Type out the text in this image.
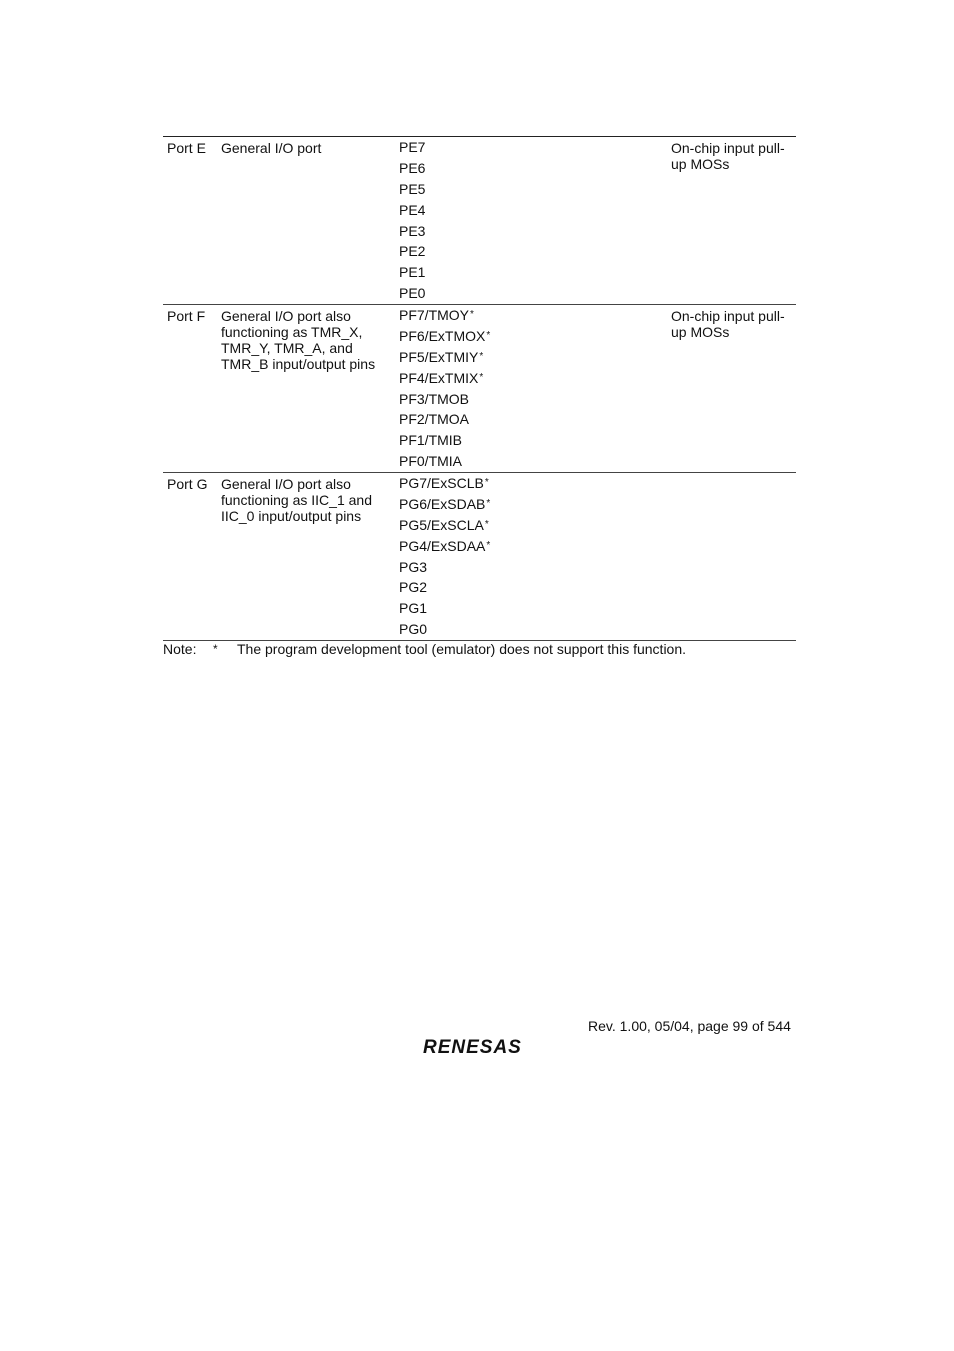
Port E General I/O port	PE7
PE6
PE5
PE4
PE3
PE2
PE1
PE0
On-chip input pull-up MOSs
Port F General I/O port also functioning as TMR_X, TMR_Y, TMR_A, and TMR_B input/output pins
PF7/TMOY*
PF6/ExTMOX*
PF5/ExTMIY*
PF4/ExTMIX*
PF3/TMOB
PF2/TMOA
PF1/TMIB
PF0/TMIA
On-chip input pull-up MOSs
Port G General I/O port also functioning as IIC_1 and IIC_0 input/output pins
PG7/ExSCLB*
PG6/ExSDAB*
PG5/ExSCLA*
PG4/ExSDAA*
PG3
PG2
PG1
PG0
Note: * The program development tool (emulator) does not support this function.
Rev. 1.00, 05/04, page 99 of 544
RENESAS
